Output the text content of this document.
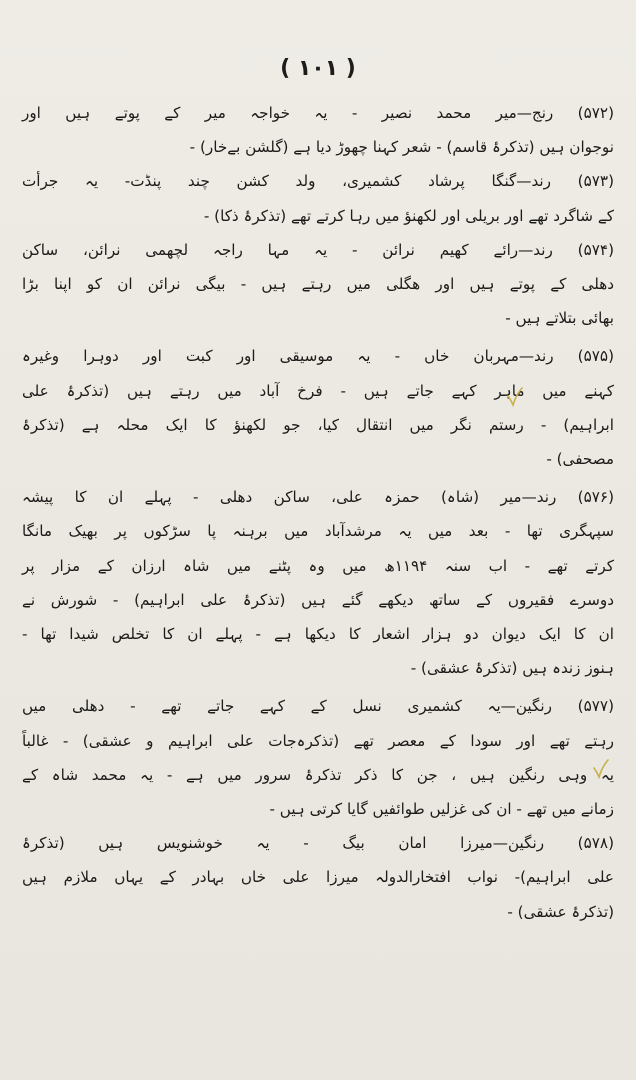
( ۱۰۱ )
(۵۷۲) رنج—میر محمد نصیر - یہ خواجہ میر کے پوتے ہیں اور
نوجوان ہیں (تذکرۂ قاسم) - شعر کہنا چھوڑ دیا ہے (گلشن بےخار) -
(۵۷۳) رند—گنگا پرشاد کشمیری، ولد کشن چند پنڈت- یہ جرأت
کے شاگرد تھے اور بریلی اور لکھنؤ میں رہا کرتے تھے (تذکرۂ ذکا) -
(۵۷۴) رند—رائے کھیم نرائن - یہ مہا راجہ لچھمی نرائن، ساکن
دھلی کے پوتے ہیں اور ھگلی میں رہتے ہیں - بیگی نرائن ان کو اپنا بڑا
بھائی بتلاتے ہیں -
(۵۷۵) رند—مہربان خاں - یہ موسیقی اور کبت اور دوہرا وغیرہ
کہنے میں ماہر کہے جاتے ہیں - فرخ آباد میں رہتے ہیں (تذکرۂ علی
ابراہیم) - رستم نگر میں انتقال کیا، جو لکھنؤ کا ایک محلہ ہے (تذکرۂ
مصحفی) -
(۵۷۶) رند—میر (شاہ) حمزہ علی، ساکن دھلی - پہلے ان کا پیشہ
سپہگری تھا - بعد میں یہ مرشدآباد میں برہنہ پا سڑکوں پر بھیک مانگا
کرتے تھے - اب سنہ ۱۱۹۴ھ میں وہ پٹنے میں شاہ ارزان کے مزار پر
دوسرے فقیروں کے ساتھ دیکھے گئے ہیں (تذکرۂ علی ابراہیم) - شورش نے
ان کا ایک دیوان دو ہزار اشعار کا دیکھا ہے - پہلے ان کا تخلص شیدا تھا -
ہنوز زندہ ہیں (تذکرۂ عشقی) -
(۵۷۷) رنگین—یہ کشمیری نسل کے کہے جاتے تھے - دھلی میں
رہتے تھے اور سودا کے معصر تھے (تذکرہ‌جات علی ابراہیم و عشقی) - غالباً
یہ وہی رنگین ہیں ، جن کا ذکر تذکرۂ سرور میں ہے - یہ محمد شاہ کے
زمانے میں تھے - ان کی غزلیں طوائفیں گایا کرتی ہیں -
(۵۷۸) رنگین—میرزا امان بیگ - یہ خوشنویس ہیں (تذکرۂ
علی ابراہیم)- نواب افتخارالدولہ میرزا علی خاں بہادر کے یہاں ملازم ہیں
(تذکرۂ عشقی) -
